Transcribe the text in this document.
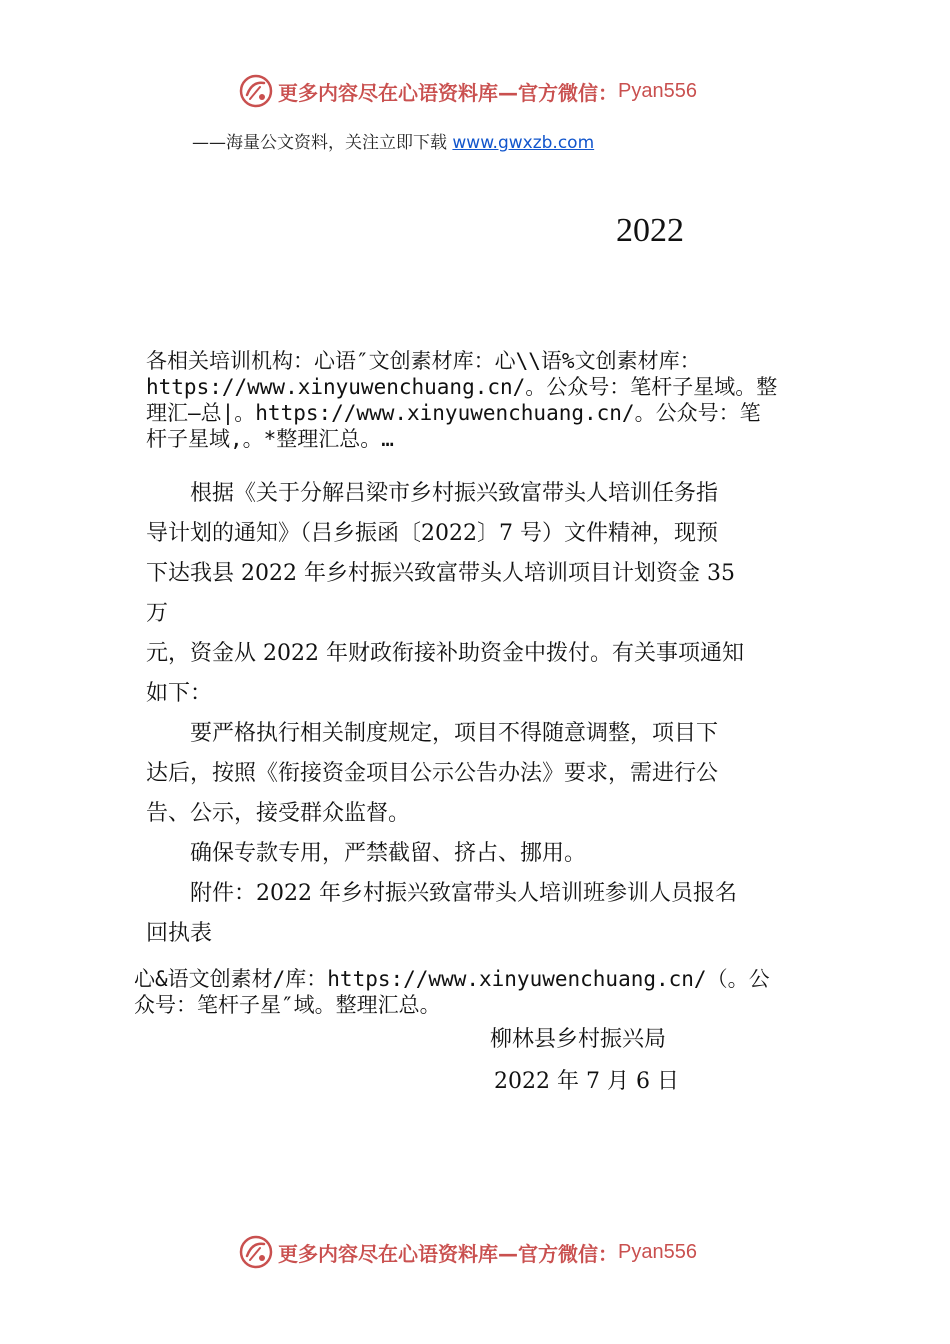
更多内容尽在心语资料库—官方微信： Pyan556
——海量公文资料，关注立即下载 www.gwxzb.com
2022
各相关培训机构：心语″文创素材库：心\\语%文创素材库：
https://www.xinyuwenchuang.cn/。公众号：笔杆子星域。整
理汇—总|。https://www.xinyuwenchuang.cn/。公众号：笔
杆子星域,。*整理汇总。…
　　根据《关于分解吕梁市乡村振兴致富带头人培训任务指
导计划的通知》（吕乡振函〔2022〕7 号）文件精神，现预
下达我县 2022 年乡村振兴致富带头人培训项目计划资金 35
万
元，资金从 2022 年财政衔接补助资金中拨付。有关事项通知
如下：
　　要严格执行相关制度规定，项目不得随意调整，项目下
达后，按照《衔接资金项目公示公告办法》要求，需进行公
告、公示，接受群众监督。
　　确保专款专用，严禁截留、挤占、挪用。
　　附件：2022 年乡村振兴致富带头人培训班参训人员报名
回执表
心&语文创素材/库：https://www.xinyuwenchuang.cn/（。公
众号：笔杆子星″域。整理汇总。
柳林县乡村振兴局
2022 年 7 月 6 日
更多内容尽在心语资料库—官方微信： Pyan556
